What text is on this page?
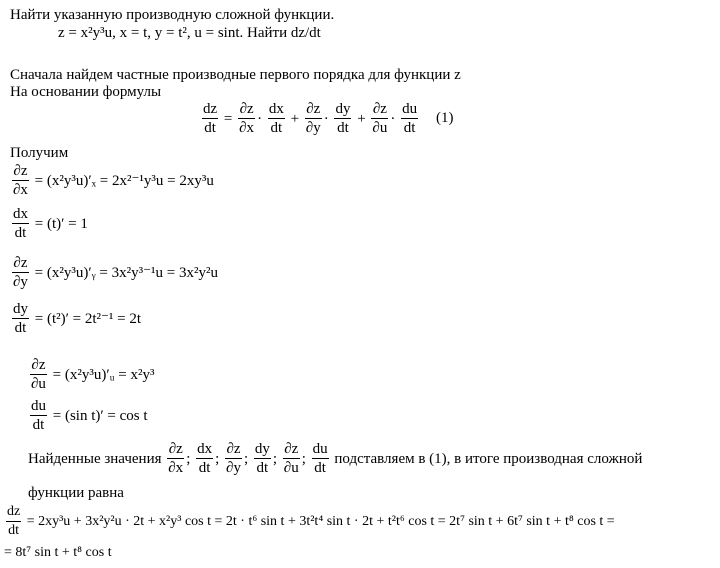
Найти указанную производную сложной функции.
z = x²y³u, x = t, y = t², u = sint. Найти dz/dt
Сначала найдем частные производные первого порядка для функции z
На основании формулы
$\frac{dz}{dt} = \frac{\partial z}{\partial x} \cdot \frac{dx}{dt} + \frac{\partial z}{\partial y} \cdot \frac{dy}{dt} + \frac{\partial z}{\partial u} \cdot \frac{du}{dt} (1)$
Получим
$\frac{\partial z}{\partial x} = (x^2y^3u)'_x = 2x^{2-1}y^3u = 2xy^3u$
$\frac{dx}{dt} = (t)' = 1$
$\frac{\partial z}{\partial y}$ = (x²y³u)′ᵧ = 3x²y³⁻¹u = 3x²y²u
$\frac{dy}{dt} = (t^2)' = 2t^{2-1} = 2t$
$\frac{\partial z}{\partial u}$ = (x²y³u)′ᵤ = x²y³
$\frac{du}{dt} = (\sin$ t)′ = cos t
Найденные значения $\frac{\partial z}{\partial x}$ ; $\frac{dx}{dt}$ ; $\frac{\partial z}{\partial y}$ ; $\frac{dy}{dt}$ ; $\frac{\partial z}{\partial u}$ ; $\frac{du}{dt}$ подставляем в (1), в итоге производная сложной
функции равна
$\frac{dz}{dt} = 2xy^3u + 3x^2y^2u \cdot 2t + x^2y^3$ cos t = 2t · t⁶ sin t + 3t²t⁴ sin t · 2t + t²t⁶ cos t = 2t⁷ sin t + 6t⁷ sin t + t⁸ cos t =
= 8t⁷ sin t + t⁸ cos t
